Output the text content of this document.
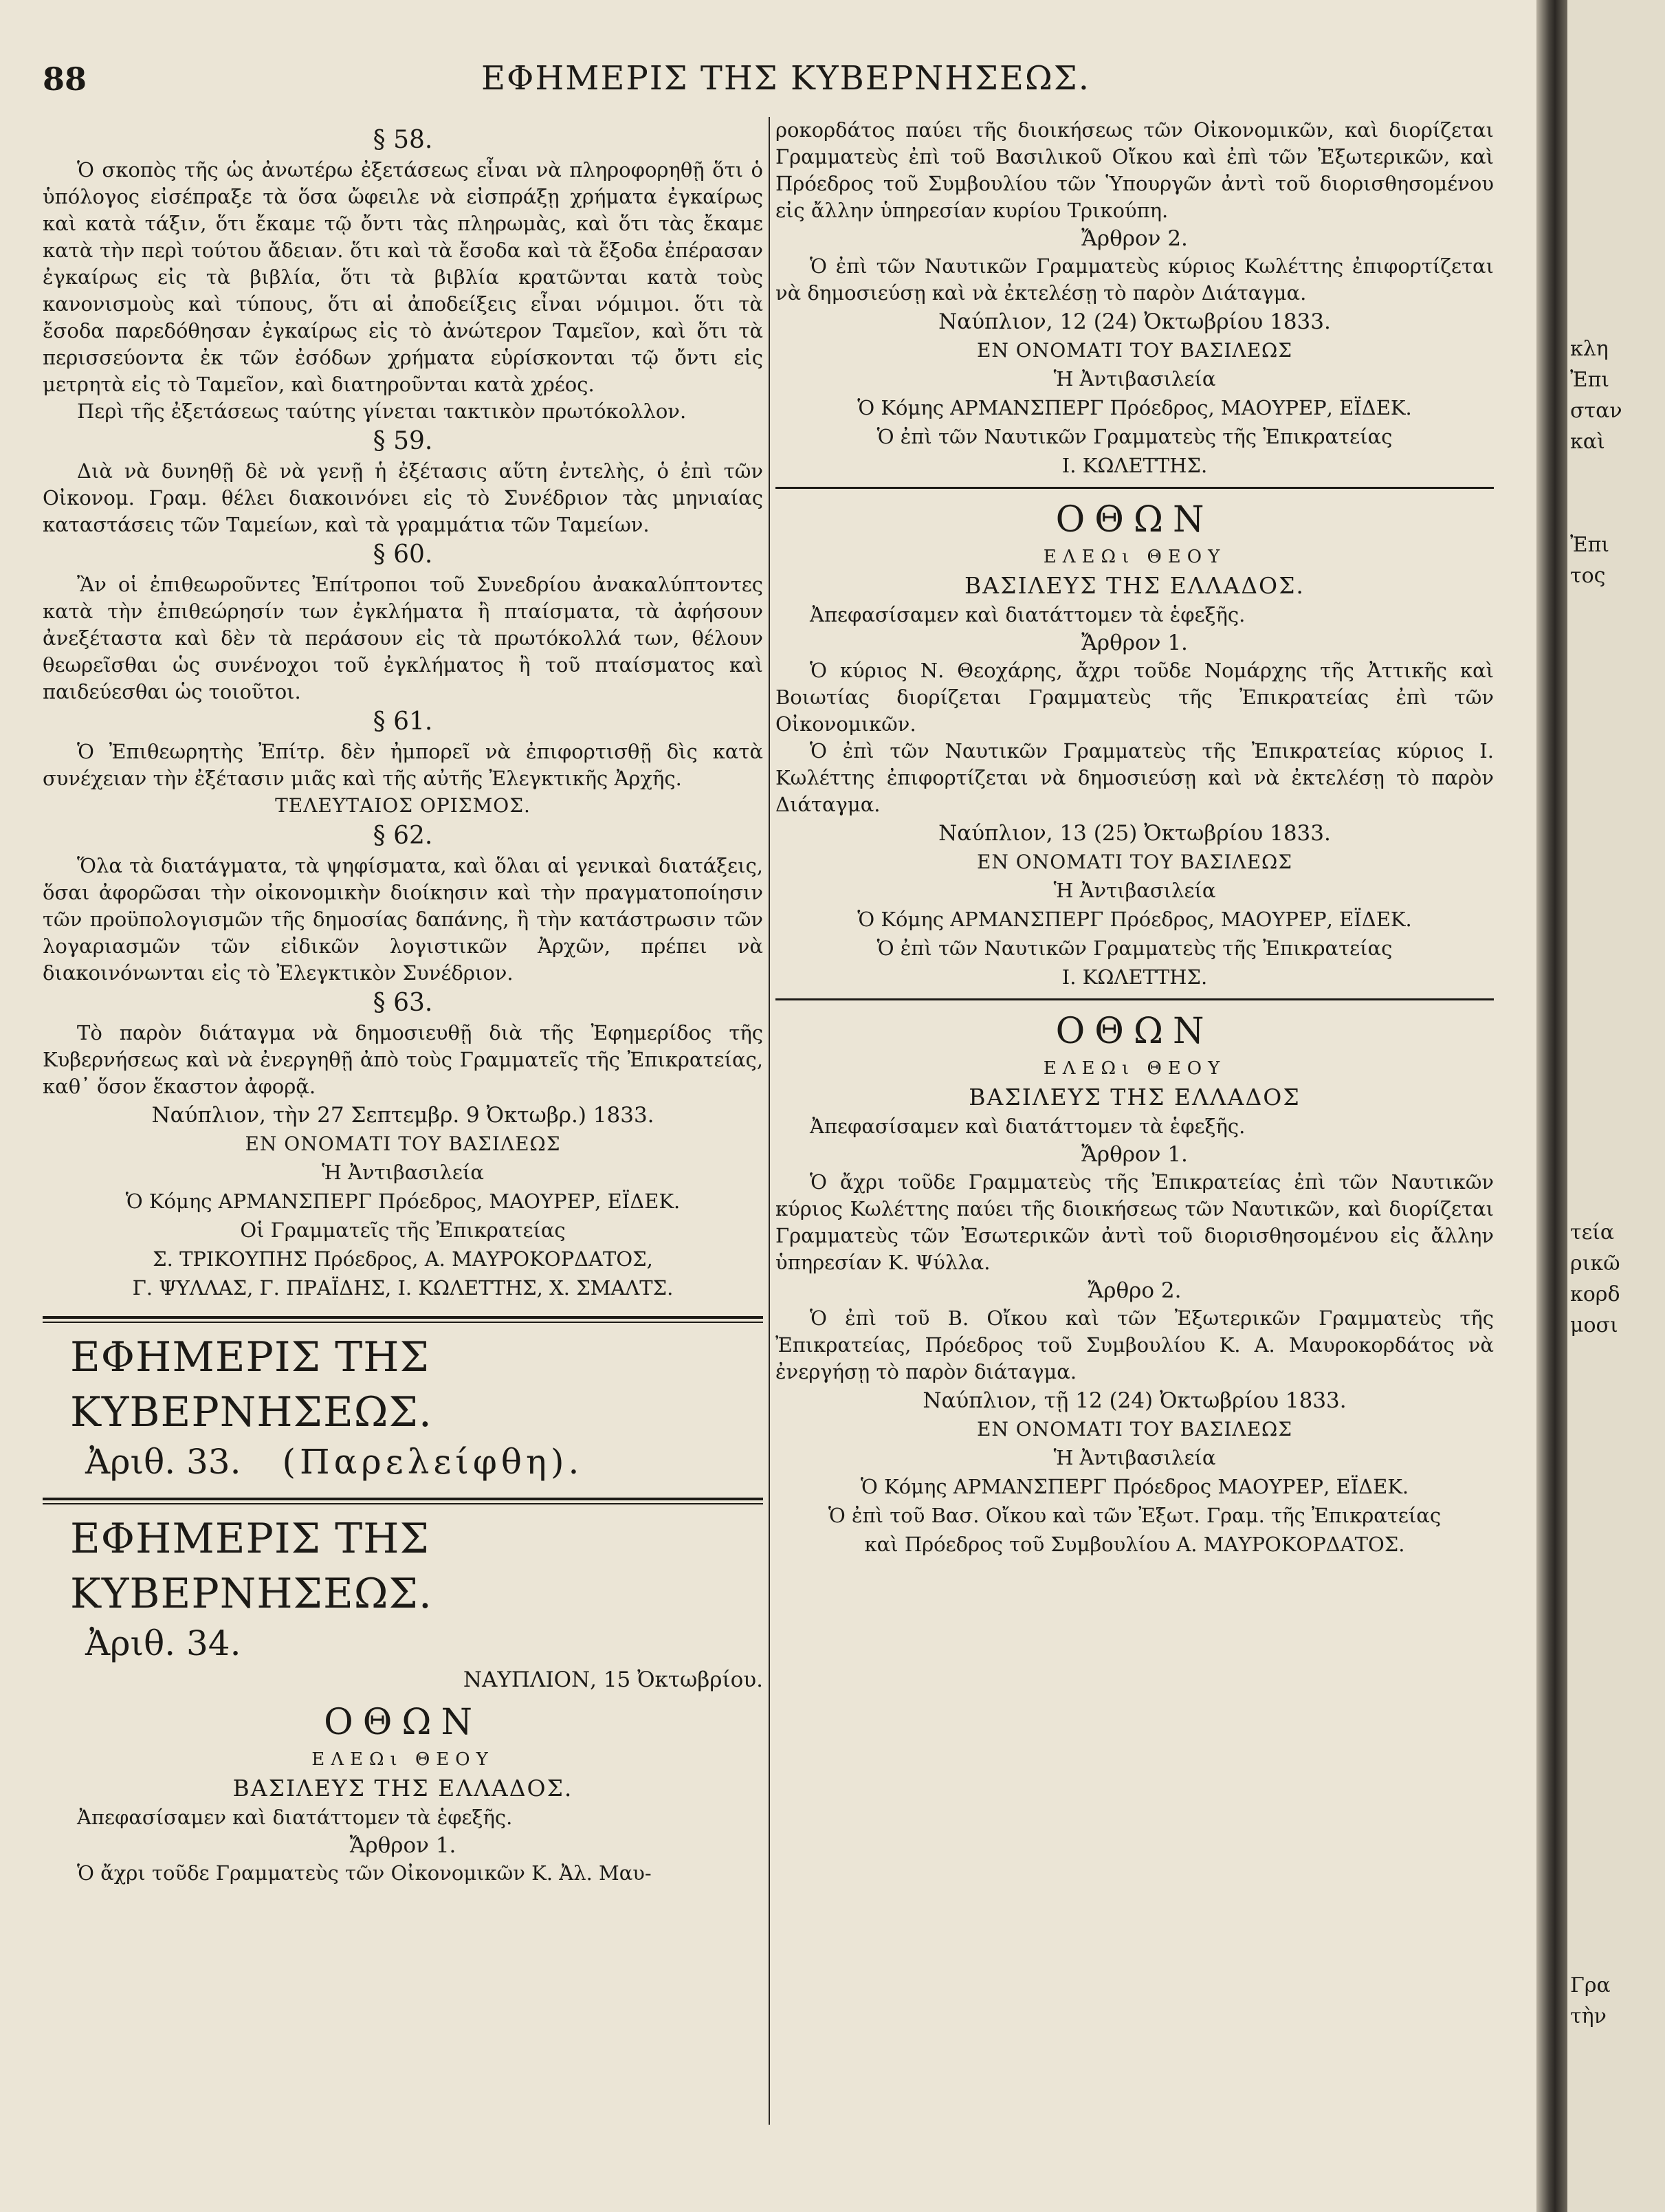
88	ΕΦΗΜΕΡΙΣ ΤΗΣ ΚΥΒΕΡΝΗΣΕΩΣ.

§ 58.

Ὁ σκοπὸς τῆς ὡς ἀνωτέρω ἐξετάσεως εἶναι νὰ πληροφορηθῇ ὅτι ὁ ὑπόλογος εἰσέπραξε τὰ ὅσα ὤφειλε νὰ εἰσπράξῃ χρήματα ἐγκαίρως καὶ κατὰ τάξιν, ὅτι ἔκαμε τῷ ὄντι τὰς πληρωμὰς, καὶ ὅτι τὰς ἔκαμε κατὰ τὴν περὶ τούτου ἄδειαν. ὅτι καὶ τὰ ἔσοδα καὶ τὰ ἔξοδα ἐπέρασαν ἐγκαίρως εἰς τὰ βιβλία, ὅτι τὰ βιβλία κρατῶνται κατὰ τοὺς κανονισμοὺς καὶ τύπους, ὅτι αἱ ἀποδείξεις εἶναι νόμιμοι. ὅτι τὰ ἔσοδα παρεδόθησαν ἐγκαίρως εἰς τὸ ἀνώτερον Ταμεῖον, καὶ ὅτι τὰ περισσεύοντα ἐκ τῶν ἐσόδων χρήματα εὑρίσκονται τῷ ὄντι εἰς μετρητὰ εἰς τὸ Ταμεῖον, καὶ διατηροῦνται κατὰ χρέος.

Περὶ τῆς ἐξετάσεως ταύτης γίνεται τακτικὸν πρωτόκολλον.

§ 59.

Διὰ νὰ δυνηθῇ δὲ νὰ γενῇ ἡ ἐξέτασις αὕτη ἐντελὴς, ὁ ἐπὶ τῶν Οἰκονομ. Γραμ. θέλει διακοινόνει εἰς τὸ Συνέδριον τὰς μηνιαίας καταστάσεις τῶν Ταμείων, καὶ τὰ γραμμάτια τῶν Ταμείων.

§ 60.

Ἂν οἱ ἐπιθεωροῦντες Ἐπίτροποι τοῦ Συνεδρίου ἀνακαλύπτοντες κατὰ τὴν ἐπιθεώρησίν των ἐγκλήματα ἢ πταίσματα, τὰ ἀφήσουν ἀνεξέταστα καὶ δὲν τὰ περάσουν εἰς τὰ πρωτόκολλά των, θέλουν θεωρεῖσθαι ὡς συνένοχοι τοῦ ἐγκλήματος ἢ τοῦ πταίσματος καὶ παιδεύεσθαι ὡς τοιοῦτοι.

§ 61.

Ὁ Ἐπιθεωρητὴς Ἐπίτρ. δὲν ἠμπορεῖ νὰ ἐπιφορτισθῇ δὶς κατὰ συνέχειαν τὴν ἐξέτασιν μιᾶς καὶ τῆς αὐτῆς Ἐλεγκτικῆς Ἀρχῆς.

ΤΕΛΕΥΤΑΙΟΣ ΟΡΙΣΜΟΣ.

§ 62.

Ὅλα τὰ διατάγματα, τὰ ψηφίσματα, καὶ ὅλαι αἱ γενικαὶ διατάξεις, ὅσαι ἀφορῶσαι τὴν οἰκονομικὴν διοίκησιν καὶ τὴν πραγματοποίησιν τῶν προϋπολογισμῶν τῆς δημοσίας δαπάνης, ἢ τὴν κατάστρωσιν τῶν λογαριασμῶν τῶν εἰδικῶν λογιστικῶν Ἀρχῶν, πρέπει νὰ διακοινόνωνται εἰς τὸ Ἐλεγκτικὸν Συνέδριον.

§ 63.

Τὸ παρὸν διάταγμα νὰ δημοσιευθῇ διὰ τῆς Ἐφημερίδος τῆς Κυβερνήσεως καὶ νὰ ἐνεργηθῇ ἀπὸ τοὺς Γραμματεῖς τῆς Ἐπικρατείας, καθ᾽ ὅσον ἕκαστον ἀφορᾷ.

Ναύπλιον, τὴν 27 Σεπτεμβρ. 9 Ὀκτωβρ.) 1833.

ΕΝ ΟΝΟΜΑΤΙ ΤΟΥ ΒΑΣΙΛΕΩΣ

Ἡ Ἀντιβασιλεία

Ὁ Κόμης ΑΡΜΑΝΣΠΕΡΓ Πρόεδρος, ΜΑΟΥΡΕΡ, ΕΪΔΕΚ.

Οἱ Γραμματεῖς τῆς Ἐπικρατείας

Σ. ΤΡΙΚΟΥΠΗΣ Πρόεδρος, Α. ΜΑΥΡΟΚΟΡΔΑΤΟΣ,

Γ. ΨΥΛΛΑΣ, Γ. ΠΡΑΪΔΗΣ, Ι. ΚΩΛΕΤΤΗΣ, Χ. ΣΜΑΛΤΣ.

ΕΦΗΜΕΡΙΣ ΤΗΣ ΚΥΒΕΡΝΗΣΕΩΣ.

Ἀριθ. 33. (Παρελείφθη).

ΕΦΗΜΕΡΙΣ ΤΗΣ ΚΥΒΕΡΝΗΣΕΩΣ.

Ἀριθ. 34.

ΝΑΥΠΛΙΟΝ, 15 Ὀκτωβρίου.

ΟΘΩΝ

ΕΛΕΩι ΘΕΟΥ

ΒΑΣΙΛΕΥΣ ΤΗΣ ΕΛΛΑΔΟΣ.

Ἀπεφασίσαμεν καὶ διατάττομεν τὰ ἑφεξῆς.

Ἄρθρον 1.

Ὁ ἄχρι τοῦδε Γραμματεὺς τῶν Οἰκονομικῶν Κ. Ἀλ. Μαυ-

ροκορδάτος παύει τῆς διοικήσεως τῶν Οἰκονομικῶν, καὶ διορίζεται Γραμματεὺς ἐπὶ τοῦ Βασιλικοῦ Οἴκου καὶ ἐπὶ τῶν Ἐξωτερικῶν, καὶ Πρόεδρος τοῦ Συμβουλίου τῶν Ὑπουργῶν ἀντὶ τοῦ διορισθησομένου εἰς ἄλλην ὑπηρεσίαν κυρίου Τρικούπη.

Ἄρθρον 2.

Ὁ ἐπὶ τῶν Ναυτικῶν Γραμματεὺς κύριος Κωλέττης ἐπιφορτίζεται νὰ δημοσιεύσῃ καὶ νὰ ἐκτελέσῃ τὸ παρὸν Διάταγμα.

Ναύπλιον, 12 (24) Ὀκτωβρίου 1833.

ΕΝ ΟΝΟΜΑΤΙ ΤΟΥ ΒΑΣΙΛΕΩΣ

Ἡ Ἀντιβασιλεία

Ὁ Κόμης ΑΡΜΑΝΣΠΕΡΓ Πρόεδρος, ΜΑΟΥΡΕΡ, ΕΪΔΕΚ.

Ὁ ἐπὶ τῶν Ναυτικῶν Γραμματεὺς τῆς Ἐπικρατείας

Ι. ΚΩΛΕΤΤΗΣ.

ΟΘΩΝ

ΕΛΕΩι ΘΕΟΥ

ΒΑΣΙΛΕΥΣ ΤΗΣ ΕΛΛΑΔΟΣ.

Ἀπεφασίσαμεν καὶ διατάττομεν τὰ ἑφεξῆς.

Ἄρθρον 1.

Ὁ κύριος Ν. Θεοχάρης, ἄχρι τοῦδε Νομάρχης τῆς Ἀττικῆς καὶ Βοιωτίας διορίζεται Γραμματεὺς τῆς Ἐπικρατείας ἐπὶ τῶν Οἰκονομικῶν.

Ὁ ἐπὶ τῶν Ναυτικῶν Γραμματεὺς τῆς Ἐπικρατείας κύριος Ι. Κωλέττης ἐπιφορτίζεται νὰ δημοσιεύσῃ καὶ νὰ ἐκτελέσῃ τὸ παρὸν Διάταγμα.

Ναύπλιον, 13 (25) Ὀκτωβρίου 1833.

ΕΝ ΟΝΟΜΑΤΙ ΤΟΥ ΒΑΣΙΛΕΩΣ

Ἡ Ἀντιβασιλεία

Ὁ Κόμης ΑΡΜΑΝΣΠΕΡΓ Πρόεδρος, ΜΑΟΥΡΕΡ, ΕΪΔΕΚ.

Ὁ ἐπὶ τῶν Ναυτικῶν Γραμματεὺς τῆς Ἐπικρατείας

Ι. ΚΩΛΕΤΤΗΣ.

ΟΘΩΝ

ΕΛΕΩι ΘΕΟΥ

ΒΑΣΙΛΕΥΣ ΤΗΣ ΕΛΛΑΔΟΣ

Ἀπεφασίσαμεν καὶ διατάττομεν τὰ ἑφεξῆς.

Ἄρθρον 1.

Ὁ ἄχρι τοῦδε Γραμματεὺς τῆς Ἐπικρατείας ἐπὶ τῶν Ναυτικῶν κύριος Κωλέττης παύει τῆς διοικήσεως τῶν Ναυτικῶν, καὶ διορίζεται Γραμματεὺς τῶν Ἐσωτερικῶν ἀντὶ τοῦ διορισθησομένου εἰς ἄλλην ὑπηρεσίαν Κ. Ψύλλα.

Ἄρθρο 2.

Ὁ ἐπὶ τοῦ Β. Οἴκου καὶ τῶν Ἐξωτερικῶν Γραμματεὺς τῆς Ἐπικρατείας, Πρόεδρος τοῦ Συμβουλίου Κ. Α. Μαυροκορδάτος νὰ ἐνεργήσῃ τὸ παρὸν διάταγμα.

Ναύπλιον, τῇ 12 (24) Ὀκτωβρίου 1833.

ΕΝ ΟΝΟΜΑΤΙ ΤΟΥ ΒΑΣΙΛΕΩΣ

Ἡ Ἀντιβασιλεία

Ὁ Κόμης ΑΡΜΑΝΣΠΕΡΓ Πρόεδρος ΜΑΟΥΡΕΡ, ΕΪΔΕΚ.

Ὁ ἐπὶ τοῦ Βασ. Οἴκου καὶ τῶν Ἐξωτ. Γραμ. τῆς Ἐπικρατείας

καὶ Πρόεδρος τοῦ Συμβουλίου Α. ΜΑΥΡΟΚΟΡΔΑΤΟΣ.

κλη
Ἐπι
σταν
καὶ
Ἐπι
τος
τεία
ρικῶ
κορδ
μοσι
Γρα
τὴν
